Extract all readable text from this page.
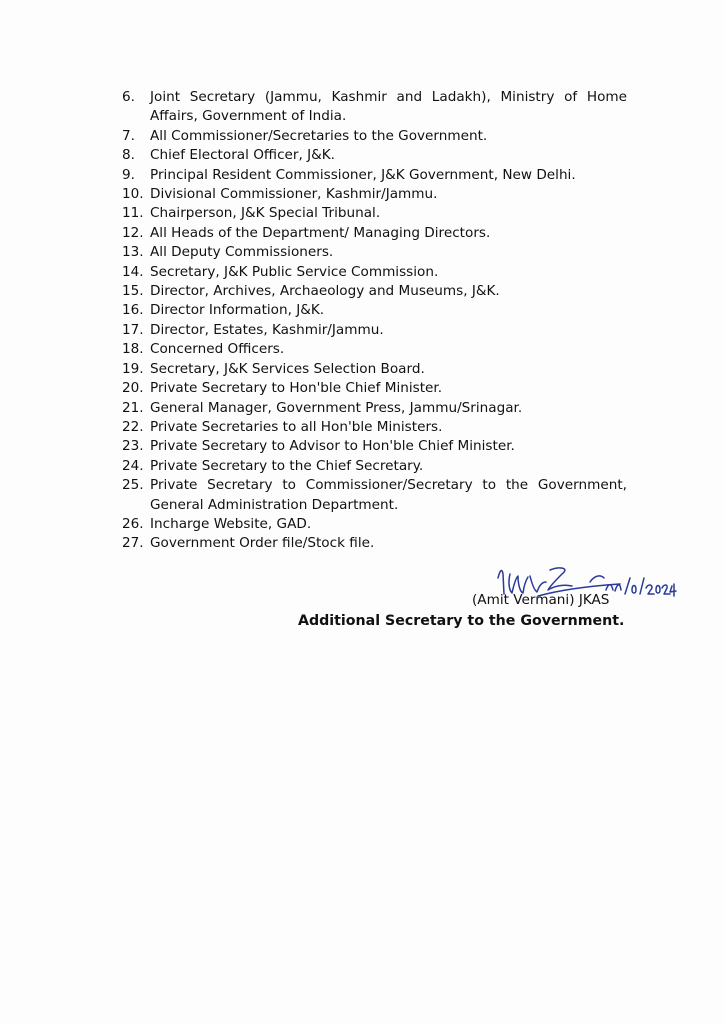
6.	Joint Secretary (Jammu, Kashmir and Ladakh), Ministry of Home Affairs, Government of India.
7.	All Commissioner/Secretaries to the Government.
8.	Chief Electoral Officer, J&K.
9.	Principal Resident Commissioner, J&K Government, New Delhi.
10. Divisional Commissioner, Kashmir/Jammu.
11. Chairperson, J&K Special Tribunal.
12. All Heads of the Department/ Managing Directors.
13. All Deputy Commissioners.
14. Secretary, J&K Public Service Commission.
15. Director, Archives, Archaeology and Museums, J&K.
16. Director Information, J&K.
17. Director, Estates, Kashmir/Jammu.
18. Concerned Officers.
19. Secretary, J&K Services Selection Board.
20. Private Secretary to Hon'ble Chief Minister.
21. General Manager, Government Press, Jammu/Srinagar.
22. Private Secretaries to all Hon'ble Ministers.
23. Private Secretary to Advisor to Hon'ble Chief Minister.
24. Private Secretary to the Chief Secretary.
25. Private Secretary to Commissioner/Secretary to the Government, General Administration Department.
26. Incharge Website, GAD.
27. Government Order file/Stock file.
(Amit Vermani) JKAS
Additional Secretary to the Government.
